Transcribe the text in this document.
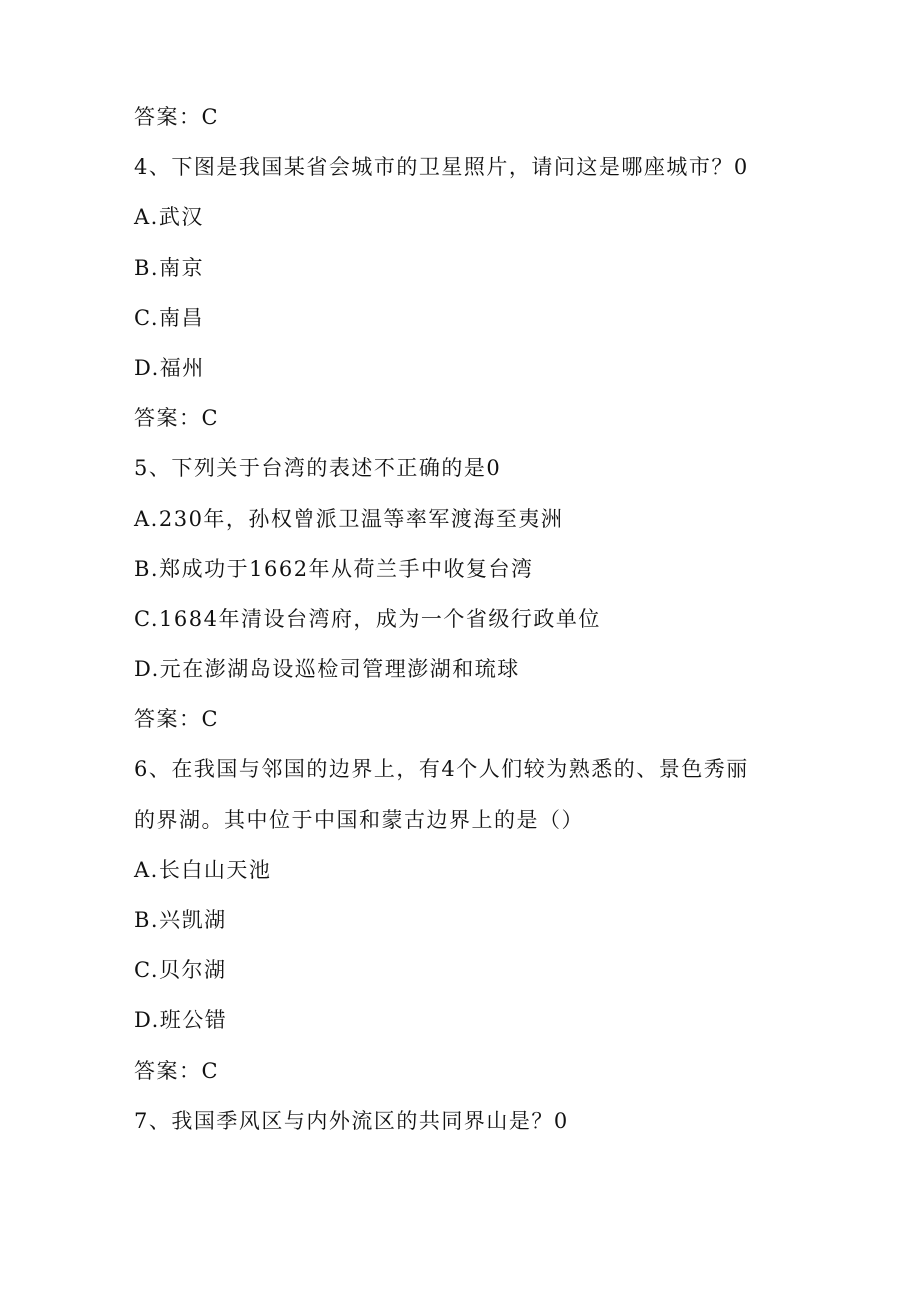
答案：C
4、下图是我国某省会城市的卫星照片，请问这是哪座城市？0
A.武汉
B.南京
C.南昌
D.福州
答案：C
5、下列关于台湾的表述不正确的是0
A.230年，孙权曾派卫温等率军渡海至夷洲
B.郑成功于1662年从荷兰手中收复台湾
C.1684年清设台湾府，成为一个省级行政单位
D.元在澎湖岛设巡检司管理澎湖和琉球
答案：C
6、在我国与邻国的边界上，有4个人们较为熟悉的、景色秀丽
的界湖。其中位于中国和蒙古边界上的是（）
A.长白山天池
B.兴凯湖
C.贝尔湖
D.班公错
答案：C
7、我国季风区与内外流区的共同界山是？0
